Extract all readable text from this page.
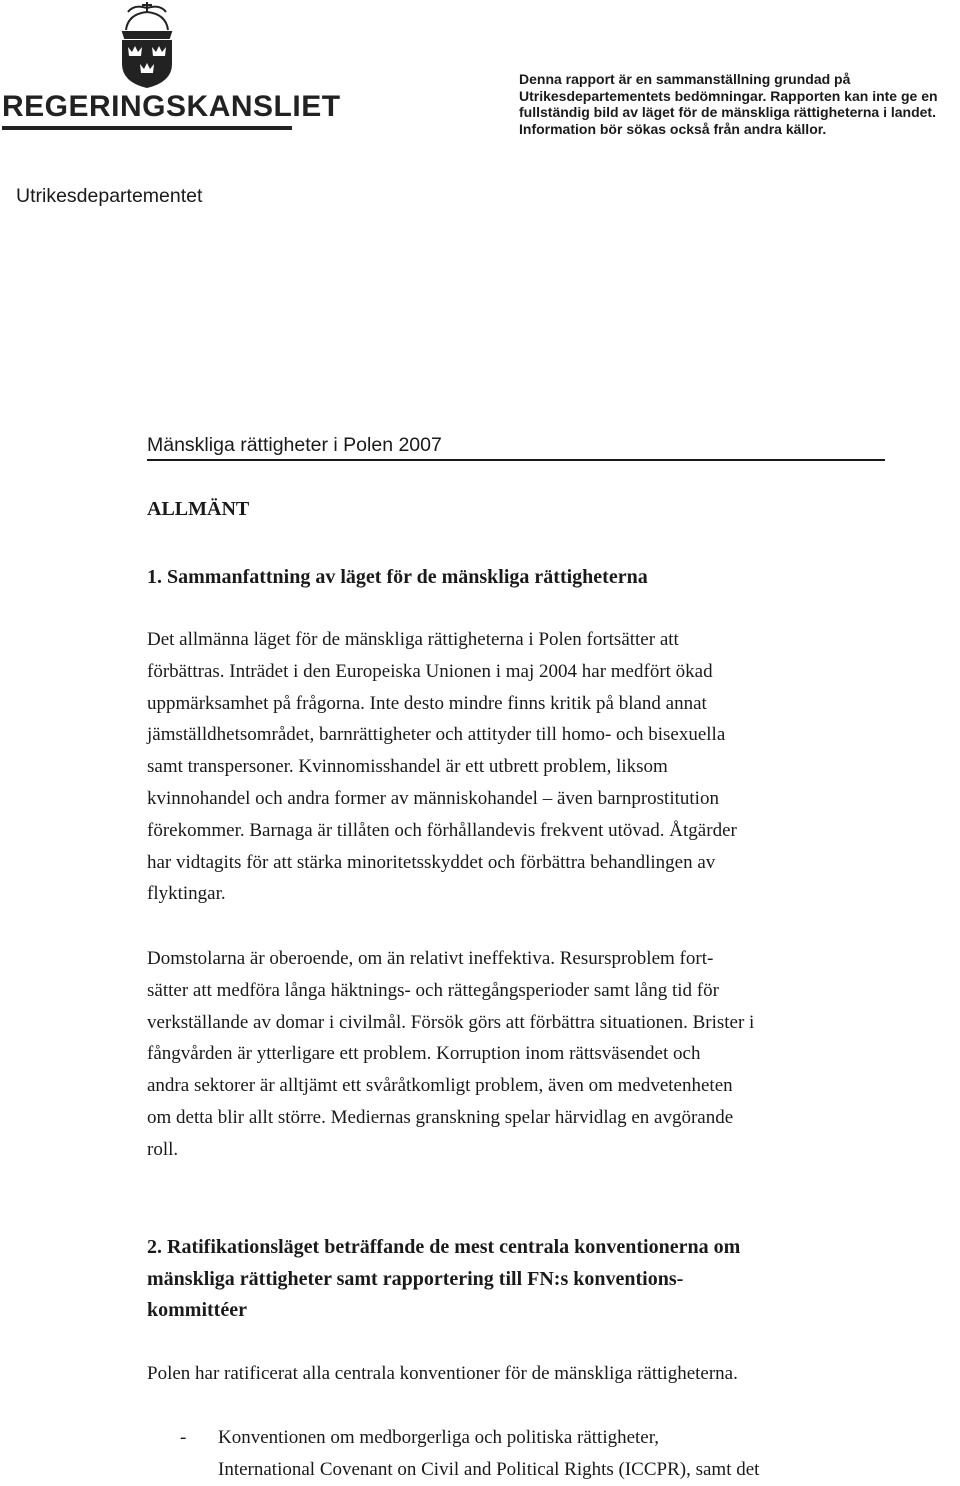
REGERINGSKANSLIET
Denna rapport är en sammanställning grundad på
Utrikesdepartementets bedömningar. Rapporten kan inte ge en
fullständig bild av läget för de mänskliga rättigheterna i landet.
Information bör sökas också från andra källor.
Utrikesdepartementet
Mänskliga rättigheter i Polen 2007
ALLMÄNT
1. Sammanfattning av läget för de mänskliga rättigheterna
Det allmänna läget för de mänskliga rättigheterna i Polen fortsätter att
förbättras. Inträdet i den Europeiska Unionen i maj 2004 har medfört ökad
uppmärksamhet på frågorna. Inte desto mindre finns kritik på bland annat
jämställdhetsområdet, barnrättigheter och attityder till homo- och bisexuella
samt transpersoner. Kvinnomisshandel är ett utbrett problem, liksom
kvinnohandel och andra former av människohandel – även barnprostitution
förekommer. Barnaga är tillåten och förhållandevis frekvent utövad. Åtgärder
har vidtagits för att stärka minoritetsskyddet och förbättra behandlingen av
flyktingar.
Domstolarna är oberoende, om än relativt ineffektiva. Resursproblem fort-
sätter att medföra långa häktnings- och rättegångsperioder samt lång tid för
verkställande av domar i civilmål. Försök görs att förbättra situationen. Brister i
fångvården är ytterligare ett problem. Korruption inom rättsväsendet och
andra sektorer är alltjämt ett svåråtkomligt problem, även om medvetenheten
om detta blir allt större. Mediernas granskning spelar härvidlag en avgörande
roll.
2. Ratifikationsläget beträffande de mest centrala konventionerna om
mänskliga rättigheter samt rapportering till FN:s konventions-
kommittéer
Polen har ratificerat alla centrala konventioner för de mänskliga rättigheterna.
- Konventionen om medborgerliga och politiska rättigheter,
International Covenant on Civil and Political Rights (ICCPR), samt det
